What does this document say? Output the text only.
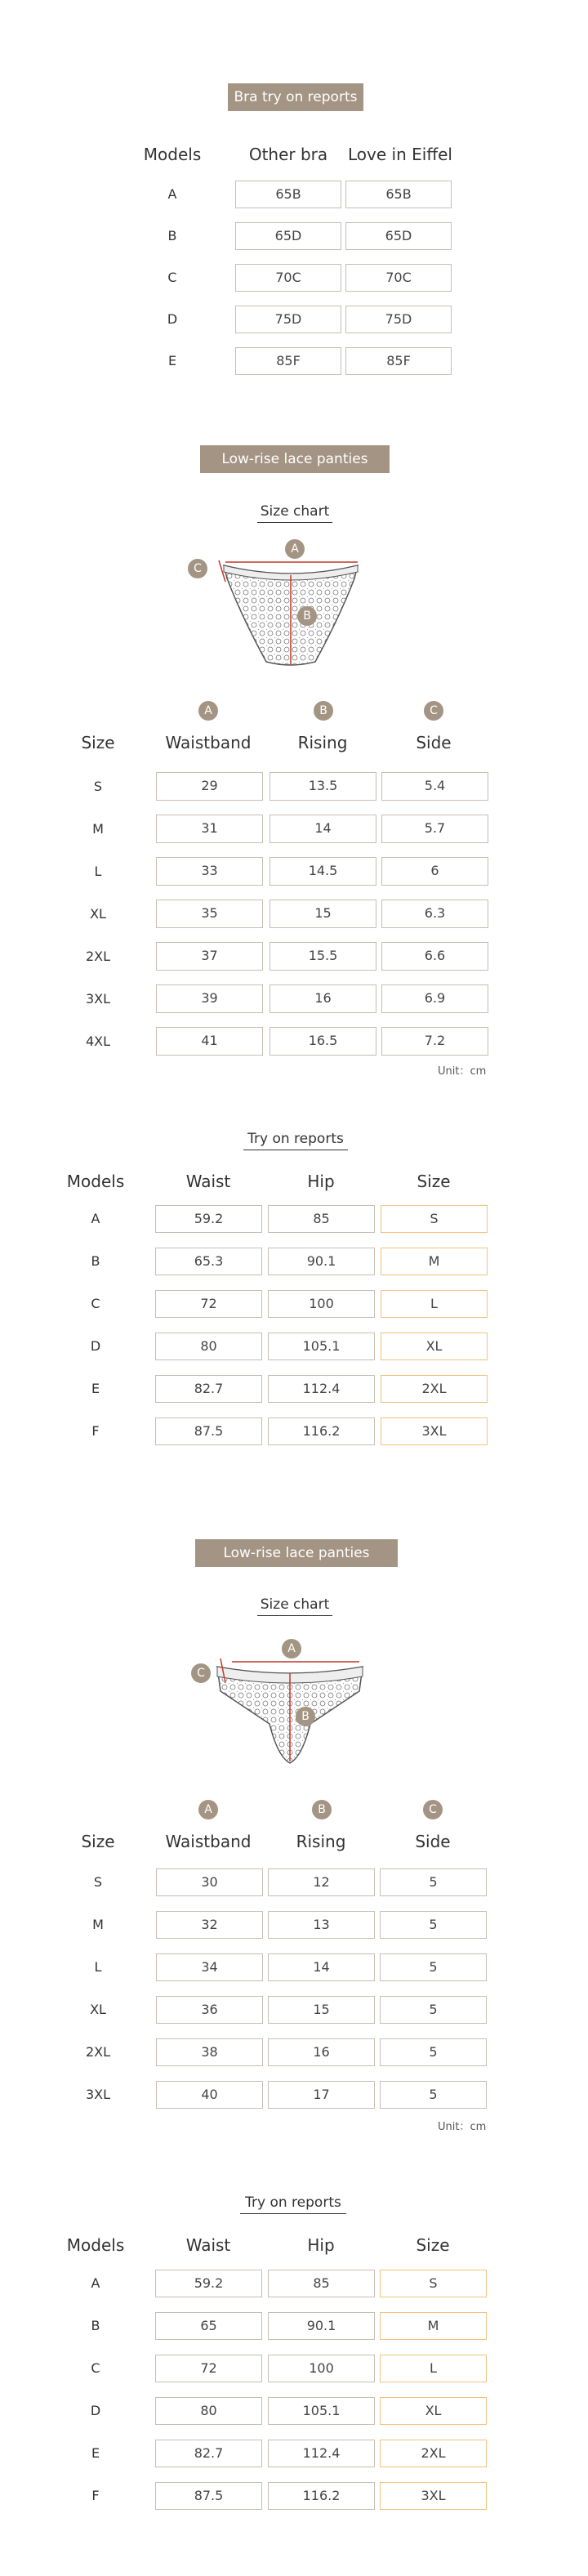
Bra try on reports
Models	Other bra	Love in Eiffel
A	65B	65B
B	65D	65D
C	70C	70C
D	75D	75D
E	85F	85F
Low-rise lace panties
Size chart
A
B
C
A	B	C
Size	Waistband	Rising	Side
S	29	13.5	5.4
M	31	14	5.7
L	33	14.5	6
XL	35	15	6.3
2XL	37	15.5	6.6
3XL	39	16	6.9
4XL	41	16.5	7.2
Unit：cm
Try on reports
Models	Waist	Hip	Size
A	59.2	85	S
B	65.3	90.1	M
C	72	100	L
D	80	105.1	XL
E	82.7	112.4	2XL
F	87.5	116.2	3XL
Low-rise lace panties
Size chart
A
B
C
A	B	C
Size	Waistband	Rising	Side
S	30	12	5
M	32	13	5
L	34	14	5
XL	36	15	5
2XL	38	16	5
3XL	40	17	5
Unit：cm
Try on reports
Models	Waist	Hip	Size
A	59.2	85	S
B	65	90.1	M
C	72	100	L
D	80	105.1	XL
E	82.7	112.4	2XL
F	87.5	116.2	3XL
